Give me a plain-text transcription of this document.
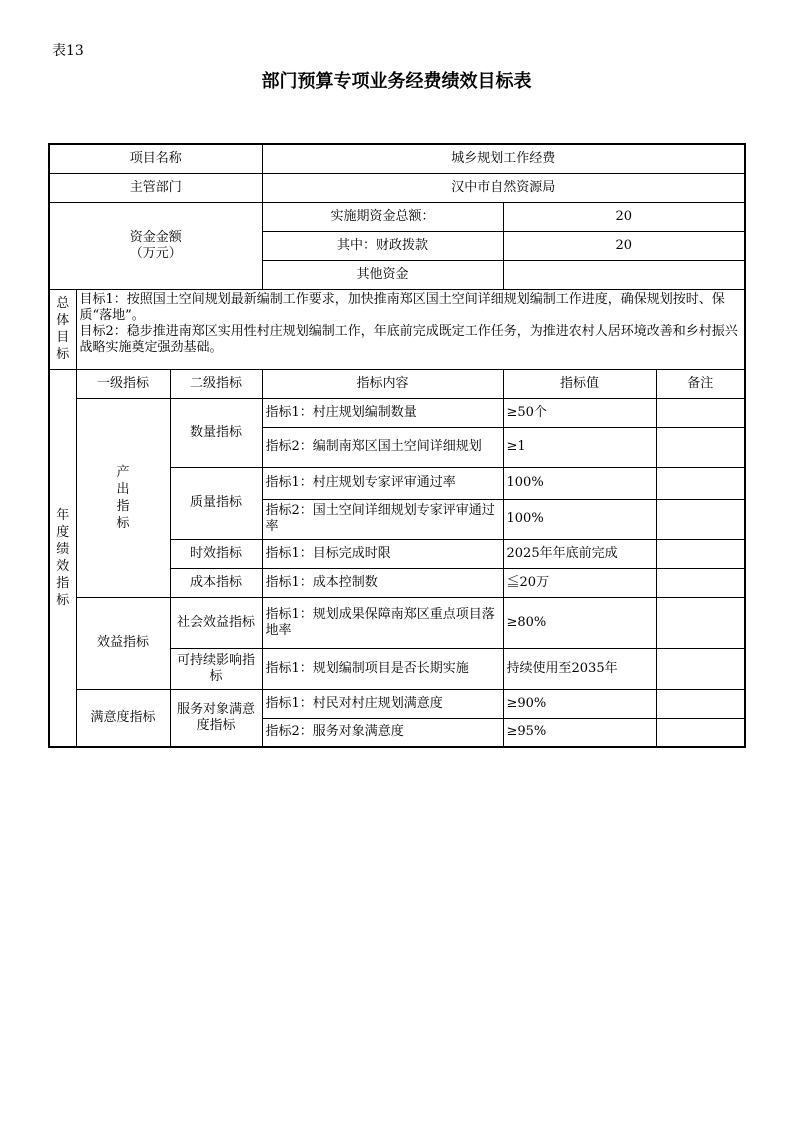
表13
部门预算专项业务经费绩效目标表
项目名称			城乡规划工作经费		
主管部门			汉中市自然资源局		

资金金额
（万元）			实施期资金总额：	20	
			其中：财政拨款	20	
			其他资金		
总体目标	目标1：按照国土空间规划最新编制工作要求，加快推南郑区国土空间详细规划编制工作进度，确保规划按时、保质“落地”。
目标2：稳步推进南郑区实用性村庄规划编制工作，年底前完成既定工作任务，为推进农村人居环境改善和乡村振兴战略实施奠定强劲基础。				

年度绩效指标	一级指标	二级指标	指标内容	指标值	备注
	产出指标	数量指标	指标1：村庄规划编制数量	≥50个	
			指标2：编制南郑区国土空间详细规划	≥1	
		质量指标	指标1：村庄规划专家评审通过率	100%	
			指标2：国土空间详细规划专家评审通过率	100%	
		时效指标	指标1：目标完成时限	2025年年底前完成	
		成本指标	指标1：成本控制数	≦20万	
	效益指标	社会效益指标	指标1：规划成果保障南郑区重点项目落地率	≥80%	
		可持续影响指标	指标1：规划编制项目是否长期实施	持续使用至2035年	
	满意度指标	服务对象满意度指标	指标1：村民对村庄规划满意度	≥90%	
			指标2：服务对象满意度	≥95%	
